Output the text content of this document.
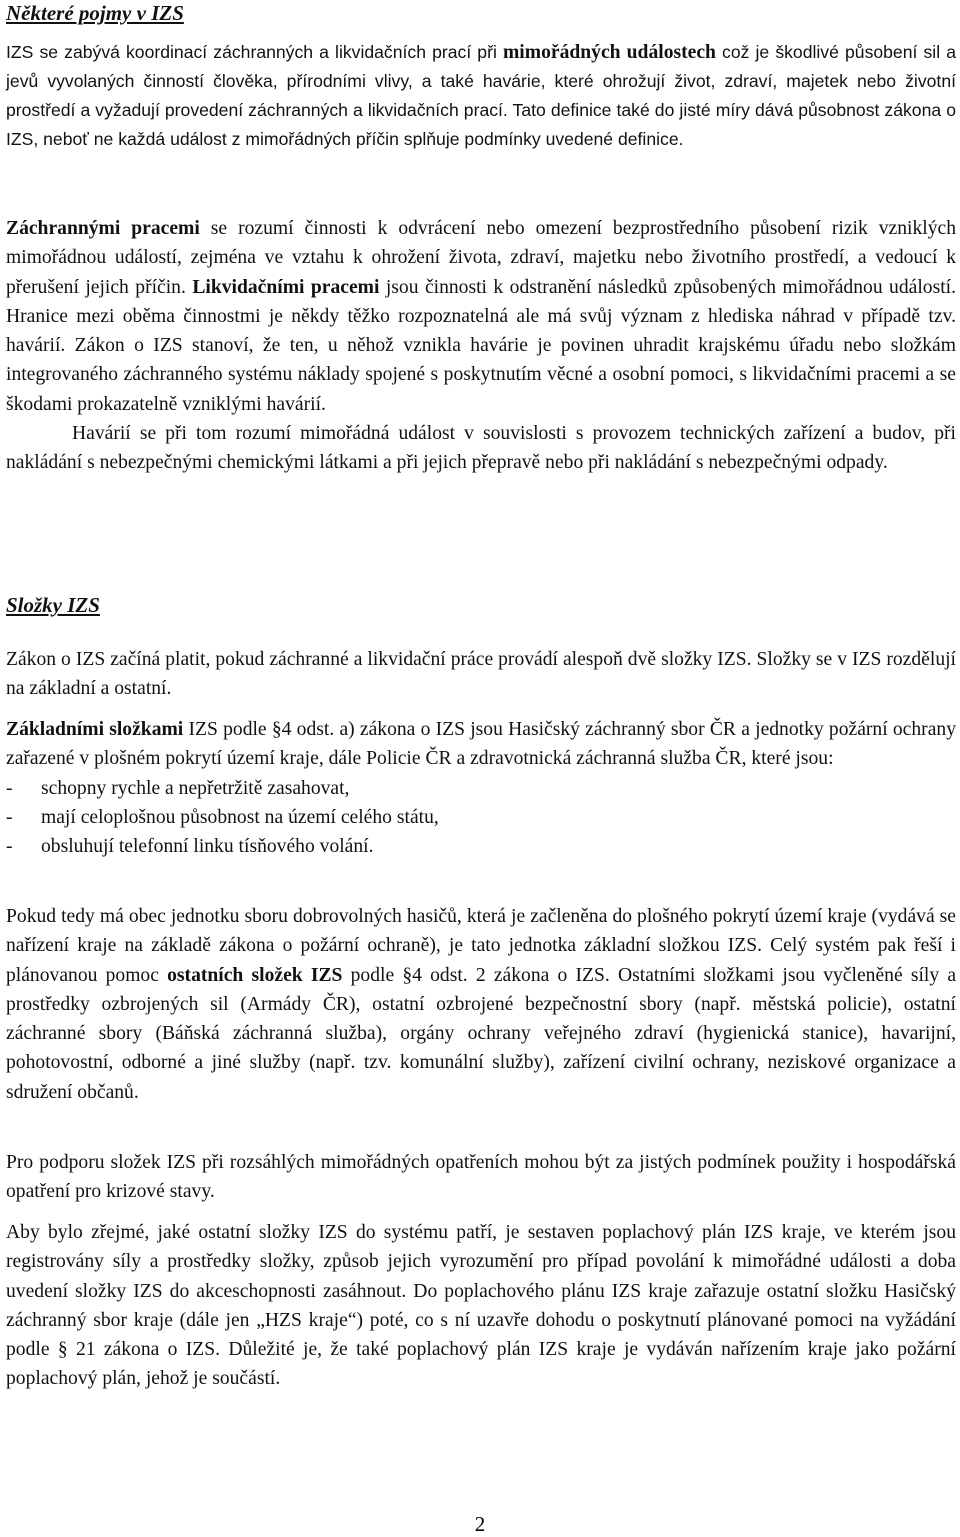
Některé pojmy v IZS

IZS se zabývá koordinací záchranných a likvidačních prací při mimořádných událostech což je škodlivé působení sil a jevů vyvolaných činností člověka, přírodními vlivy, a také havárie, které ohrožují život, zdraví, majetek nebo životní prostředí a vyžadují provedení záchranných a likvidačních prací. Tato definice také do jisté míry dává působnost zákona o IZS, neboť ne každá událost z mimořádných příčin splňuje podmínky uvedené definice.

Záchrannými pracemi se rozumí činnosti k odvrácení nebo omezení bezprostředního působení rizik vzniklých mimořádnou událostí, zejména ve vztahu k ohrožení života, zdraví, majetku nebo životního prostředí, a vedoucí k přerušení jejich příčin. Likvidačními pracemi jsou činnosti k odstranění následků způsobených mimořádnou událostí. Hranice mezi oběma činnostmi je někdy těžko rozpoznatelná ale má svůj význam z hlediska náhrad v případě tzv. havárií. Zákon o IZS stanoví, že ten, u něhož vznikla havárie je povinen uhradit krajskému úřadu nebo složkám integrovaného záchranného systému náklady spojené s poskytnutím věcné a osobní pomoci, s likvidačními pracemi a se škodami prokazatelně vzniklými havárií.

Havárií se při tom rozumí mimořádná událost v souvislosti s provozem technických zařízení a budov, při nakládání s nebezpečnými chemickými látkami a při jejich přepravě nebo při nakládání s nebezpečnými odpady.

Složky IZS

Zákon o IZS začíná platit, pokud záchranné a likvidační práce provádí alespoň dvě složky IZS. Složky se v IZS rozdělují na základní a ostatní.

Základními složkami IZS podle §4 odst. a) zákona o IZS jsou Hasičský záchranný sbor ČR a jednotky požární ochrany zařazené v plošném pokrytí území kraje, dále Policie ČR a zdravotnická záchranná služba ČR, které jsou:

- schopny rychle a nepřetržitě zasahovat,
- mají celoplošnou působnost na území celého státu,
- obsluhují telefonní linku tísňového volání.

Pokud tedy má obec jednotku sboru dobrovolných hasičů, která je začleněna do plošného pokrytí území kraje (vydává se nařízení kraje na základě zákona o požární ochraně), je tato jednotka základní složkou IZS. Celý systém pak řeší i plánovanou pomoc ostatních složek IZS podle §4 odst. 2 zákona o IZS. Ostatními složkami jsou vyčleněné síly a prostředky ozbrojených sil (Armády ČR), ostatní ozbrojené bezpečnostní sbory (např. městská policie), ostatní záchranné sbory (Báňská záchranná služba), orgány ochrany veřejného zdraví (hygienická stanice), havarijní, pohotovostní, odborné a jiné služby (např. tzv. komunální služby), zařízení civilní ochrany, neziskové organizace a sdružení občanů.

Pro podporu složek IZS při rozsáhlých mimořádných opatřeních mohou být za jistých podmínek použity i hospodářská opatření pro krizové stavy.

Aby bylo zřejmé, jaké ostatní složky IZS do systému patří, je sestaven poplachový plán IZS kraje, ve kterém jsou registrovány síly a prostředky složky, způsob jejich vyrozumění pro případ povolání k mimořádné události a doba uvedení složky IZS do akceschopnosti zasáhnout. Do poplachového plánu IZS kraje zařazuje ostatní složku Hasičský záchranný sbor kraje (dále jen „HZS kraje“) poté, co s ní uzavře dohodu o poskytnutí plánované pomoci na vyžádání podle § 21 zákona o IZS. Důležité je, že také poplachový plán IZS kraje je vydáván nařízením kraje jako požární poplachový plán, jehož je součástí.

2
